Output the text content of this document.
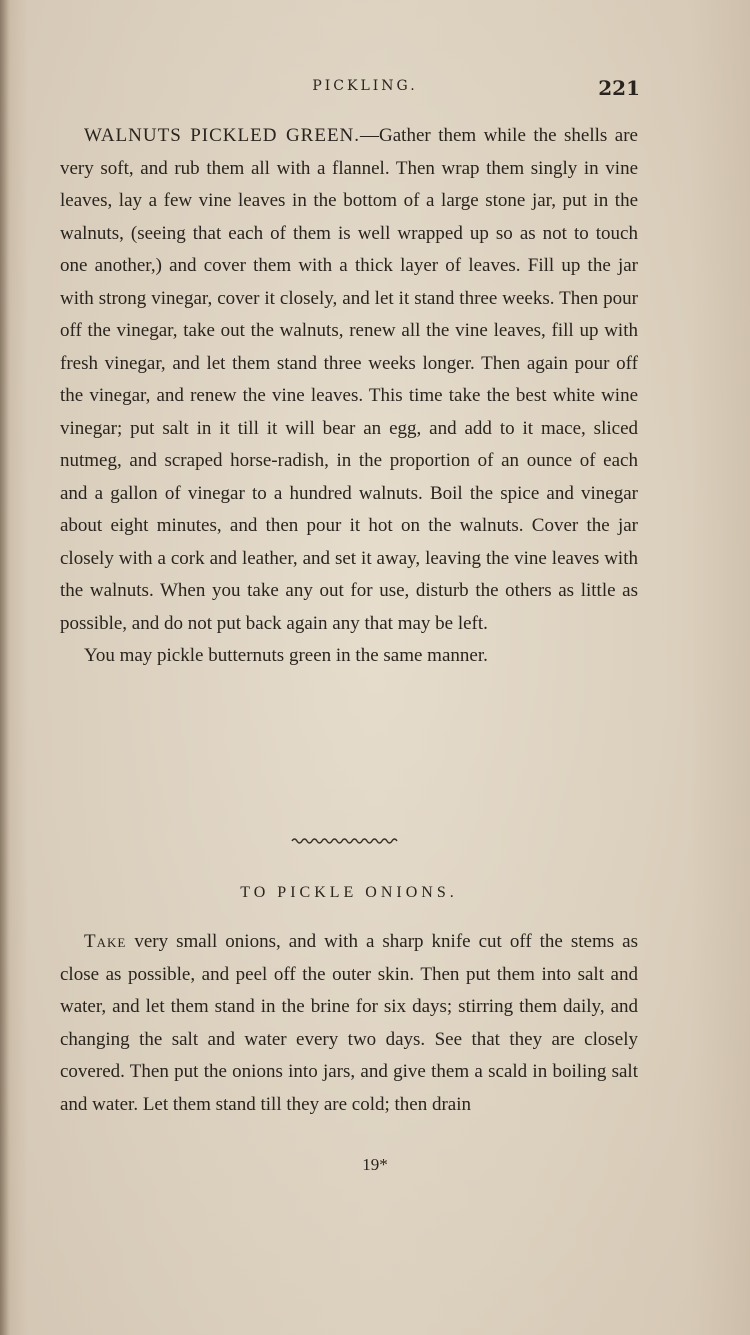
PICKLING.	221

WALNUTS PICKLED GREEN.—Gather them while the shells are very soft, and rub them all with a flannel. Then wrap them singly in vine leaves, lay a few vine leaves in the bottom of a large stone jar, put in the walnuts, (seeing that each of them is well wrapped up so as not to touch one another,) and cover them with a thick layer of leaves. Fill up the jar with strong vinegar, cover it closely, and let it stand three weeks. Then pour off the vinegar, take out the walnuts, renew all the vine leaves, fill up with fresh vinegar, and let them stand three weeks longer. Then again pour off the vinegar, and renew the vine leaves. This time take the best white wine vinegar; put salt in it till it will bear an egg, and add to it mace, sliced nutmeg, and scraped horse-radish, in the proportion of an ounce of each and a gallon of vinegar to a hundred walnuts. Boil the spice and vinegar about eight minutes, and then pour it hot on the walnuts. Cover the jar closely with a cork and leather, and set it away, leaving the vine leaves with the walnuts. When you take any out for use, disturb the others as little as possible, and do not put back again any that may be left.

You may pickle butternuts green in the same manner.

TO PICKLE ONIONS.

Take very small onions, and with a sharp knife cut off the stems as close as possible, and peel off the outer skin. Then put them into salt and water, and let them stand in the brine for six days; stirring them daily, and changing the salt and water every two days. See that they are closely covered. Then put the onions into jars, and give them a scald in boiling salt and water. Let them stand till they are cold; then drain

19*
